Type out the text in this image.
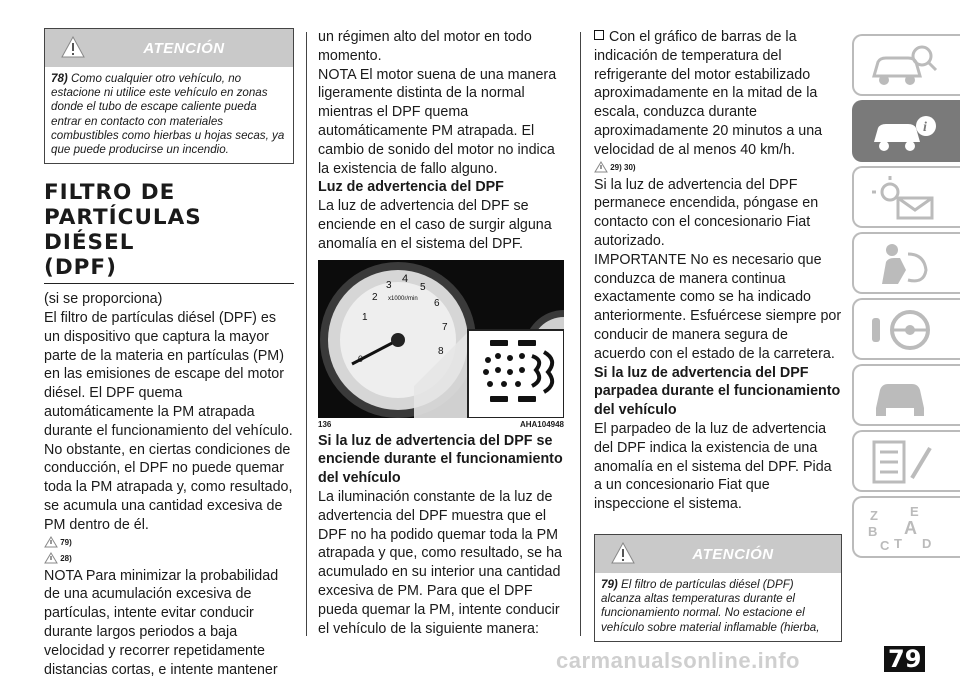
ATENCIÓN
78) Como cualquier otro vehículo, no estacione ni utilice este vehículo en zonas donde el tubo de escape caliente pueda entrar en contacto con materiales combustibles como hierbas u hojas secas, ya que puede producirse un incendio.
FILTRO DE
PARTÍCULAS DIÉSEL
(DPF)

(si se proporciona)

El filtro de partículas diésel (DPF) es un dispositivo que captura la mayor parte de la materia en partículas (PM) en las emisiones de escape del motor diésel. El DPF quema automáticamente la PM atrapada durante el funcionamiento del vehículo. No obstante, en ciertas condiciones de conducción, el DPF no puede quemar toda la PM atrapada y, como resultado, se acumula una cantidad excesiva de PM dentro de él.

79)
28)

NOTA Para minimizar la probabilidad de una acumulación excesiva de partículas, intente evitar conducir durante largos periodos a baja velocidad y recorrer repetidamente distancias cortas, e intente mantener

un régimen alto del motor en todo momento.

NOTA El motor suena de una manera ligeramente distinta de la normal mientras el DPF quema automáticamente PM atrapada. El cambio de sonido del motor no indica la existencia de fallo alguno.

Luz de advertencia del DPF

La luz de advertencia del DPF se enciende en el caso de surgir alguna anomalía en el sistema del DPF.

1
2
3
4
5
6
7
8
x1000r/min
0
136	AHA104948

Si la luz de advertencia del DPF se enciende durante el funcionamiento del vehículo

La iluminación constante de la luz de advertencia del DPF muestra que el DPF no ha podido quemar toda la PM atrapada y que, como resultado, se ha acumulado en su interior una cantidad excesiva de PM. Para que el DPF pueda quemar la PM, intente conducir el vehículo de la siguiente manera:

Con el gráfico de barras de la indicación de temperatura del refrigerante del motor estabilizado aproximadamente en la mitad de la escala, conduzca durante aproximadamente 20 minutos a una velocidad de al menos 40 km/h.

29) 30)

Si la luz de advertencia del DPF permanece encendida, póngase en contacto con el concesionario Fiat autorizado.

IMPORTANTE No es necesario que conduzca de manera continua exactamente como se ha indicado anteriormente. Esfuércese siempre por conducir de manera segura de acuerdo con el estado de la carretera.

Si la luz de advertencia del DPF parpadea durante el funcionamiento del vehículo

El parpadeo de la luz de advertencia del DPF indica la existencia de una anomalía en el sistema del DPF. Pida a un concesionario Fiat que inspeccione el sistema.

ATENCIÓN
79) El filtro de partículas diésel (DPF) alcanza altas temperaturas durante el funcionamiento normal. No estacione el vehículo sobre material inflamable (hierba,
i
Z E
B A
C T D
carmanualsonline.info	79
